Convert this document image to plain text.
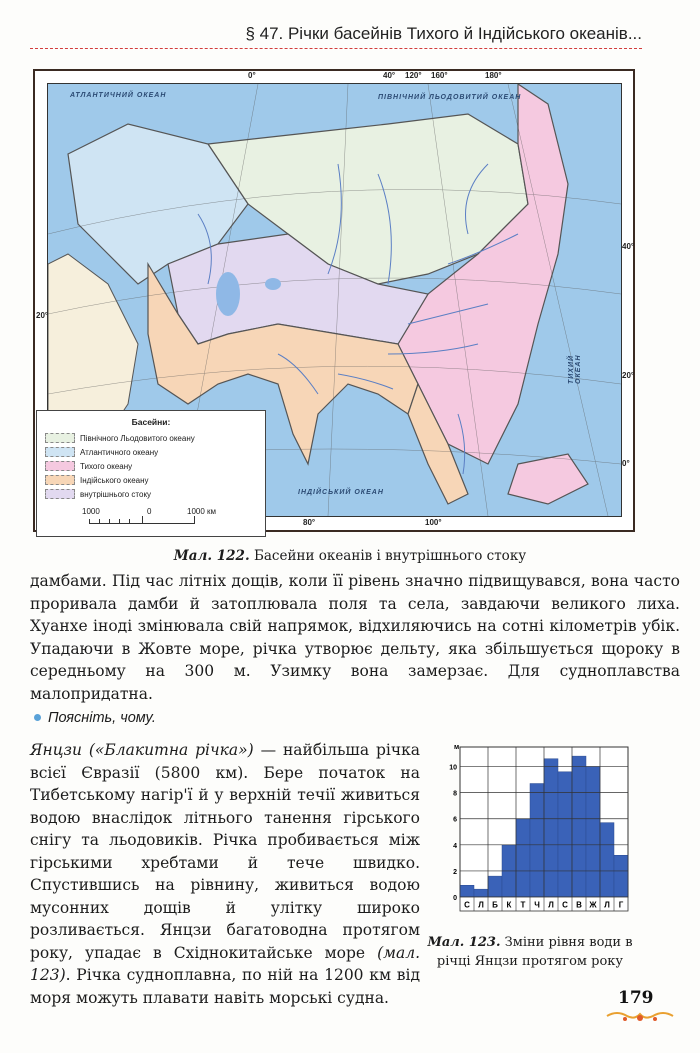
§ 47. Річки басейнів Тихого й Індійського океанів...
АТЛАНТИЧНИЙ ОКЕАН	ПІВНІЧНИЙ ЛЬОДОВИТИЙ ОКЕАН
ТИХИЙ ОКЕАН
ІНДІЙСЬКИЙ ОКЕАН
0°	40° 120° 160°	180°
40°
20°
0°
20°
80°	100°
Басейни:
Північного Льодовитого океану
Атлантичного океану
Тихого океану
Індійського океану
внутрішнього стоку
1000	0	1000 км
Мал. 122. Басейни океанів і внутрішнього стоку
дамбами. Під час літніх дощів, коли її рівень значно підвищувався, вона часто проривала дамби й затоплювала поля та села, завдаючи великого лиха. Хуанхе іноді змінювала свій напрямок, відхиляючись на сотні кілометрів убік. Упадаючи в Жовте море, річка утворює дельту, яка збільшується щороку в середньому на 300 м. Узимку вона замерзає. Для судноплавства малопридатна.
Поясніть, чому.
Янцзи («Блакитна річка») — найбільша річка всієї Євразії (5800 км). Бере початок на Тибетському нагір'ї й у верхній течії живиться водою внаслідок літнього танення гірського снігу та льодовиків. Річка пробивається між гірськими хребтами й тече швидко. Спустившись на рівнину, живиться водою мусонних дощів й улітку широко розливається. Янцзи багатоводна протягом року, упадає в Східнокитайське море (мал. 123). Річка судноплавна, по ній на 1200 км від моря можуть плавати навіть морські судна.
0
2
4
6
8
10
м
С Л Б К Т Ч Л С В Ж Л Г
Мал. 123. Зміни рівня води в річці Янцзи протягом року
179
